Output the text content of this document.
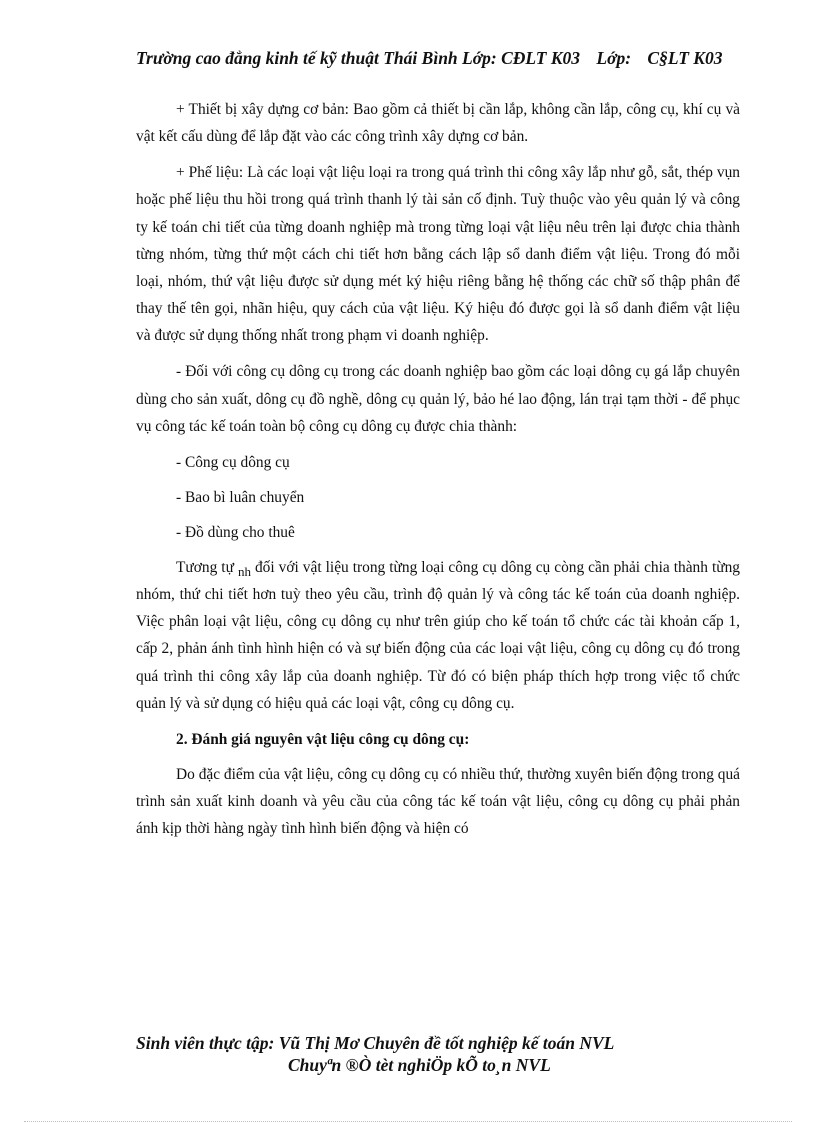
Trường cao đẳng kinh tế kỹ thuật Thái Bình Lớp: CĐLT K03 Lớp: C§LT K03

+ Thiết bị xây dựng cơ bản: Bao gồm cả thiết bị cần lắp, không cần lắp, công cụ, khí cụ và vật kết cấu dùng để lắp đặt vào các công trình xây dựng cơ bản.

+ Phế liệu: Là các loại vật liệu loại ra trong quá trình thi công xây lắp như gỗ, sắt, thép vụn hoặc phế liệu thu hồi trong quá trình thanh lý tài sản cố định. Tuỳ thuộc vào yêu quản lý và công ty kế toán chi tiết của từng doanh nghiệp mà trong từng loại vật liệu nêu trên lại được chia thành từng nhóm, từng thứ một cách chi tiết hơn bằng cách lập sổ danh điểm vật liệu. Trong đó mỗi loại, nhóm, thứ vật liệu được sử dụng mét ký hiệu riêng bằng hệ thống các chữ số thập phân để thay thế tên gọi, nhãn hiệu, quy cách của vật liệu. Ký hiệu đó được gọi là sổ danh điểm vật liệu và được sử dụng thống nhất trong phạm vi doanh nghiệp.

- Đối với công cụ dông cụ trong các doanh nghiệp bao gồm các loại dông cụ gá lắp chuyên dùng cho sản xuất, dông cụ đồ nghề, dông cụ quản lý, bảo hé lao động, lán trại tạm thời - để phục vụ công tác kế toán toàn bộ công cụ dông cụ được chia thành:

- Công cụ dông cụ

- Bao bì luân chuyển

- Đồ dùng cho thuê

Tương tự $_{nh}$ đối với vật liệu trong từng loại công cụ dông cụ còng cần phải chia thành từng nhóm, thứ chi tiết hơn tuỳ theo yêu cầu, trình độ quản lý và công tác kế toán của doanh nghiệp. Việc phân loại vật liệu, công cụ dông cụ như trên giúp cho kế toán tổ chức các tài khoản cấp 1, cấp 2, phản ánh tình hình hiện có và sự biến động của các loại vật liệu, công cụ dông cụ đó trong quá trình thi công xây lắp của doanh nghiệp. Từ đó có biện pháp thích hợp trong việc tổ chức quản lý và sử dụng có hiệu quả các loại vật, công cụ dông cụ.

2. Đánh giá nguyên vật liệu công cụ dông cụ:

Do đặc điểm của vật liệu, công cụ dông cụ có nhiều thứ, thường xuyên biến động trong quá trình sản xuất kinh doanh và yêu cầu của công tác kế toán vật liệu, công cụ dông cụ phải phản ánh kịp thời hàng ngày tình hình biến động và hiện có

Sinh viên thực tập: Vũ Thị Mơ Chuyên đề tốt nghiệp kế toán NVL
Chuyªn ®Ò tèt nghiÖp kÕ to¸n NVL
